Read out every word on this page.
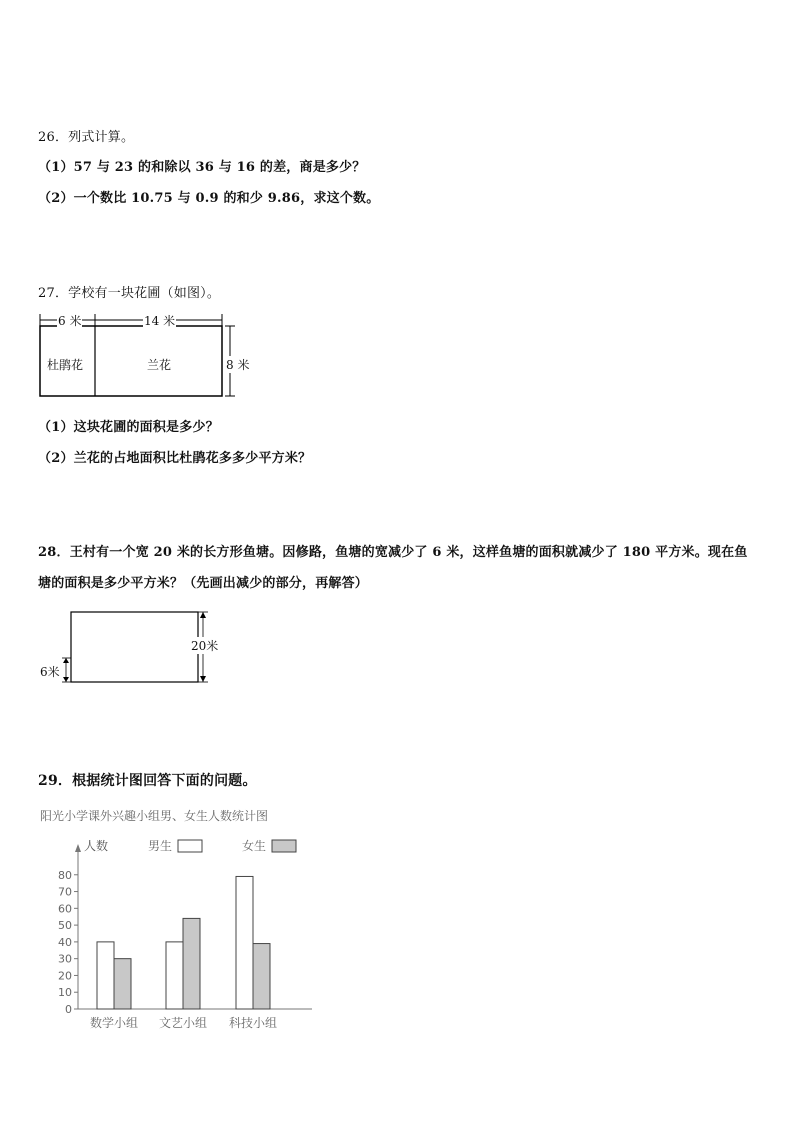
26．列式计算。
（1）57 与 23 的和除以 36 与 16 的差，商是多少？
（2）一个数比 10.75 与 0.9 的和少 9.86，求这个数。
27．学校有一块花圃（如图）。
6 米	14 米
8 米
杜鹃花	兰花
（1）这块花圃的面积是多少？
（2）兰花的占地面积比杜鹃花多多少平方米？
28．王村有一个宽 20 米的长方形鱼塘。因修路，鱼塘的宽减少了 6 米，这样鱼塘的面积就减少了 180 平方米。现在鱼
塘的面积是多少平方米？（先画出减少的部分，再解答）
20米
6米
29．根据统计图回答下面的问题。
阳光小学课外兴趣小组男、女生人数统计图
人数	男生	女生
0
10
20
30
40
50
60
70
80
数学小组 文艺小组 科技小组
